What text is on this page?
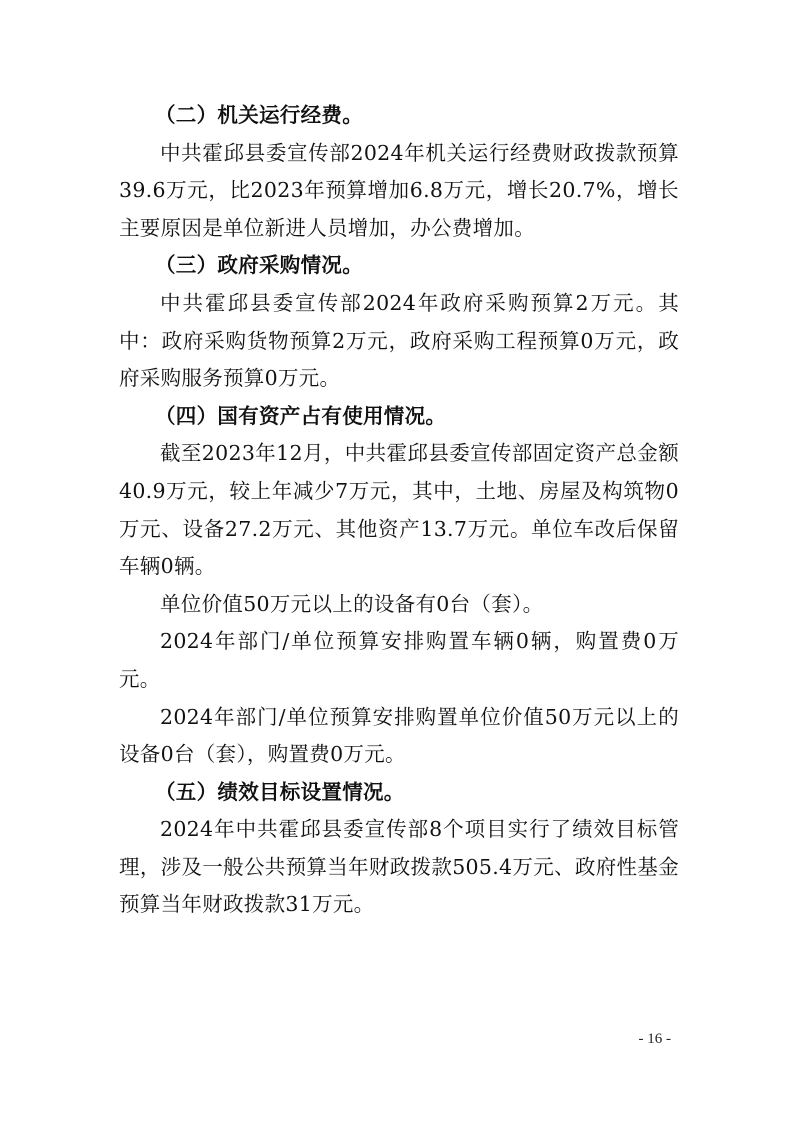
（二）机关运行经费。

中共霍邱县委宣传部2024年机关运行经费财政拨款预算39.6万元，比2023年预算增加6.8万元，增长20.7%，增长主要原因是单位新进人员增加，办公费增加。

（三）政府采购情况。

中共霍邱县委宣传部2024年政府采购预算2万元。其中：政府采购货物预算2万元，政府采购工程预算0万元，政府采购服务预算0万元。

（四）国有资产占有使用情况。

截至2023年12月，中共霍邱县委宣传部固定资产总金额40.9万元，较上年减少7万元，其中，土地、房屋及构筑物0万元、设备27.2万元、其他资产13.7万元。单位车改后保留车辆0辆。

单位价值50万元以上的设备有0台（套）。

2024年部门/单位预算安排购置车辆0辆，购置费0万元。

2024年部门/单位预算安排购置单位价值50万元以上的设备0台（套），购置费0万元。

（五）绩效目标设置情况。

2024年中共霍邱县委宣传部8个项目实行了绩效目标管理，涉及一般公共预算当年财政拨款505.4万元、政府性基金预算当年财政拨款31万元。

- 16 -
